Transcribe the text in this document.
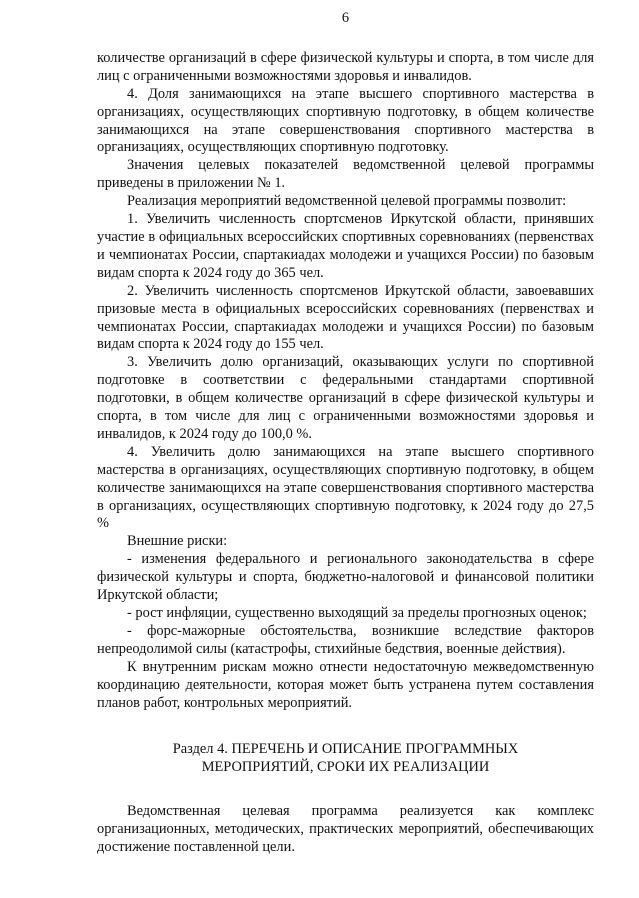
6

количестве организаций в сфере физической культуры и спорта, в том числе для лиц с ограниченными возможностями здоровья и инвалидов.

4. Доля занимающихся на этапе высшего спортивного мастерства в организациях, осуществляющих спортивную подготовку, в общем количестве занимающихся на этапе совершенствования спортивного мастерства в организациях, осуществляющих спортивную подготовку.

Значения целевых показателей ведомственной целевой программы приведены в приложении № 1.

Реализация мероприятий ведомственной целевой программы позволит:

1. Увеличить численность спортсменов Иркутской области, принявших участие в официальных всероссийских спортивных соревнованиях (первенствах и чемпионатах России, спартакиадах молодежи и учащихся России) по базовым видам спорта к 2024 году до 365 чел.

2. Увеличить численность спортсменов Иркутской области, завоевавших призовые места в официальных всероссийских соревнованиях (первенствах и чемпионатах России, спартакиадах молодежи и учащихся России) по базовым видам спорта к 2024 году до 155 чел.

3. Увеличить долю организаций, оказывающих услуги по спортивной подготовке в соответствии с федеральными стандартами спортивной подготовки, в общем количестве организаций в сфере физической культуры и спорта, в том числе для лиц с ограниченными возможностями здоровья и инвалидов, к 2024 году до 100,0 %.

4. Увеличить долю занимающихся на этапе высшего спортивного мастерства в организациях, осуществляющих спортивную подготовку, в общем количестве занимающихся на этапе совершенствования спортивного мастерства в организациях, осуществляющих спортивную подготовку, к 2024 году до 27,5 %

Внешние риски:

- изменения федерального и регионального законодательства в сфере физической культуры и спорта, бюджетно-налоговой и финансовой политики Иркутской области;

- рост инфляции, существенно выходящий за пределы прогнозных оценок;

- форс-мажорные обстоятельства, возникшие вследствие факторов непреодолимой силы (катастрофы, стихийные бедствия, военные действия).

К внутренним рискам можно отнести недостаточную межведомственную координацию деятельности, которая может быть устранена путем составления планов работ, контрольных мероприятий.

Раздел 4. ПЕРЕЧЕНЬ И ОПИСАНИЕ ПРОГРАММНЫХ
МЕРОПРИЯТИЙ, СРОКИ ИХ РЕАЛИЗАЦИИ

Ведомственная целевая программа реализуется как комплекс организационных, методических, практических мероприятий, обеспечивающих достижение поставленной цели.
